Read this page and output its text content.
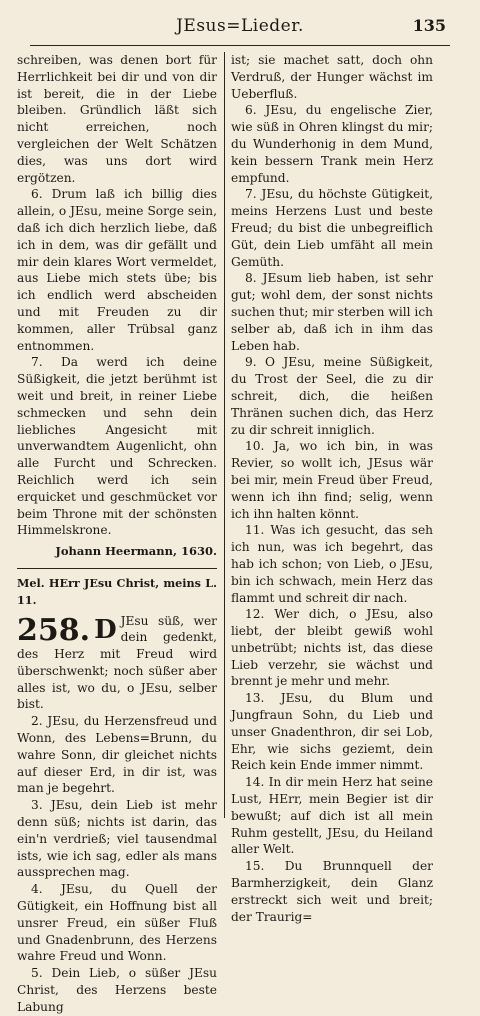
JEsus=Lieder.	135

schreiben, was denen bort für Herrlichkeit bei dir und von dir ist bereit, die in der Liebe bleiben. Gründlich läßt sich nicht erreichen, noch vergleichen der Welt Schätzen dies, was uns dort wird ergötzen.

6. Drum laß ich billig dies allein, o JEsu, meine Sorge sein, daß ich dich herzlich liebe, daß ich in dem, was dir gefällt und mir dein klares Wort vermeldet, aus Liebe mich stets übe; bis ich endlich werd abscheiden und mit Freuden zu dir kommen, aller Trübsal ganz entnommen.

7. Da werd ich deine Süßigkeit, die jetzt berühmt ist weit und breit, in reiner Liebe schmecken und sehn dein liebliches Angesicht mit unverwandtem Augenlicht, ohn alle Furcht und Schrecken. Reichlich werd ich sein erquicket und geschmücket vor beim Throne mit der schönsten Himmelskrone.

Johann Heermann, 1630.

Mel. HErr JEsu Christ, meins L. 11.

258. D JEsu süß, wer dein gedenkt, des Herz mit Freud wird überschwenkt; noch süßer aber alles ist, wo du, o JEsu, selber bist.

2. JEsu, du Herzensfreud und Wonn, des Lebens=Brunn, du wahre Sonn, dir gleichet nichts auf dieser Erd, in dir ist, was man je begehrt.

3. JEsu, dein Lieb ist mehr denn süß; nichts ist darin, das ein'n verdrieß; viel tausendmal ists, wie ich sag, edler als mans aussprechen mag.

4. JEsu, du Quell der Gütigkeit, ein Hoffnung bist all unsrer Freud, ein süßer Fluß und Gnadenbrunn, des Herzens wahre Freud und Wonn.

5. Dein Lieb, o süßer JEsu Christ, des Herzens beste Labung

ist; sie machet satt, doch ohn Verdruß, der Hunger wächst im Ueberfluß.

6. JEsu, du engelische Zier, wie süß in Ohren klingst du mir; du Wunderhonig in dem Mund, kein bessern Trank mein Herz empfund.

7. JEsu, du höchste Gütigkeit, meins Herzens Lust und beste Freud; du bist die unbegreiflich Güt, dein Lieb umfäht all mein Gemüth.

8. JEsum lieb haben, ist sehr gut; wohl dem, der sonst nichts suchen thut; mir sterben will ich selber ab, daß ich in ihm das Leben hab.

9. O JEsu, meine Süßigkeit, du Trost der Seel, die zu dir schreit, dich, die heißen Thränen suchen dich, das Herz zu dir schreit inniglich.

10. Ja, wo ich bin, in was Revier, so wollt ich, JEsus wär bei mir, mein Freud über Freud, wenn ich ihn find; selig, wenn ich ihn halten könnt.

11. Was ich gesucht, das seh ich nun, was ich begehrt, das hab ich schon; von Lieb, o JEsu, bin ich schwach, mein Herz das flammt und schreit dir nach.

12. Wer dich, o JEsu, also liebt, der bleibt gewiß wohl unbetrübt; nichts ist, das diese Lieb verzehr, sie wächst und brennt je mehr und mehr.

13. JEsu, du Blum und Jungfraun Sohn, du Lieb und unser Gnadenthron, dir sei Lob, Ehr, wie sichs geziemt, dein Reich kein Ende immer nimmt.

14. In dir mein Herz hat seine Lust, HErr, mein Begier ist dir bewußt; auf dich ist all mein Ruhm gestellt, JEsu, du Heiland aller Welt.

15. Du Brunnquell der Barmherzigkeit, dein Glanz erstreckt sich weit und breit; der Traurig=
